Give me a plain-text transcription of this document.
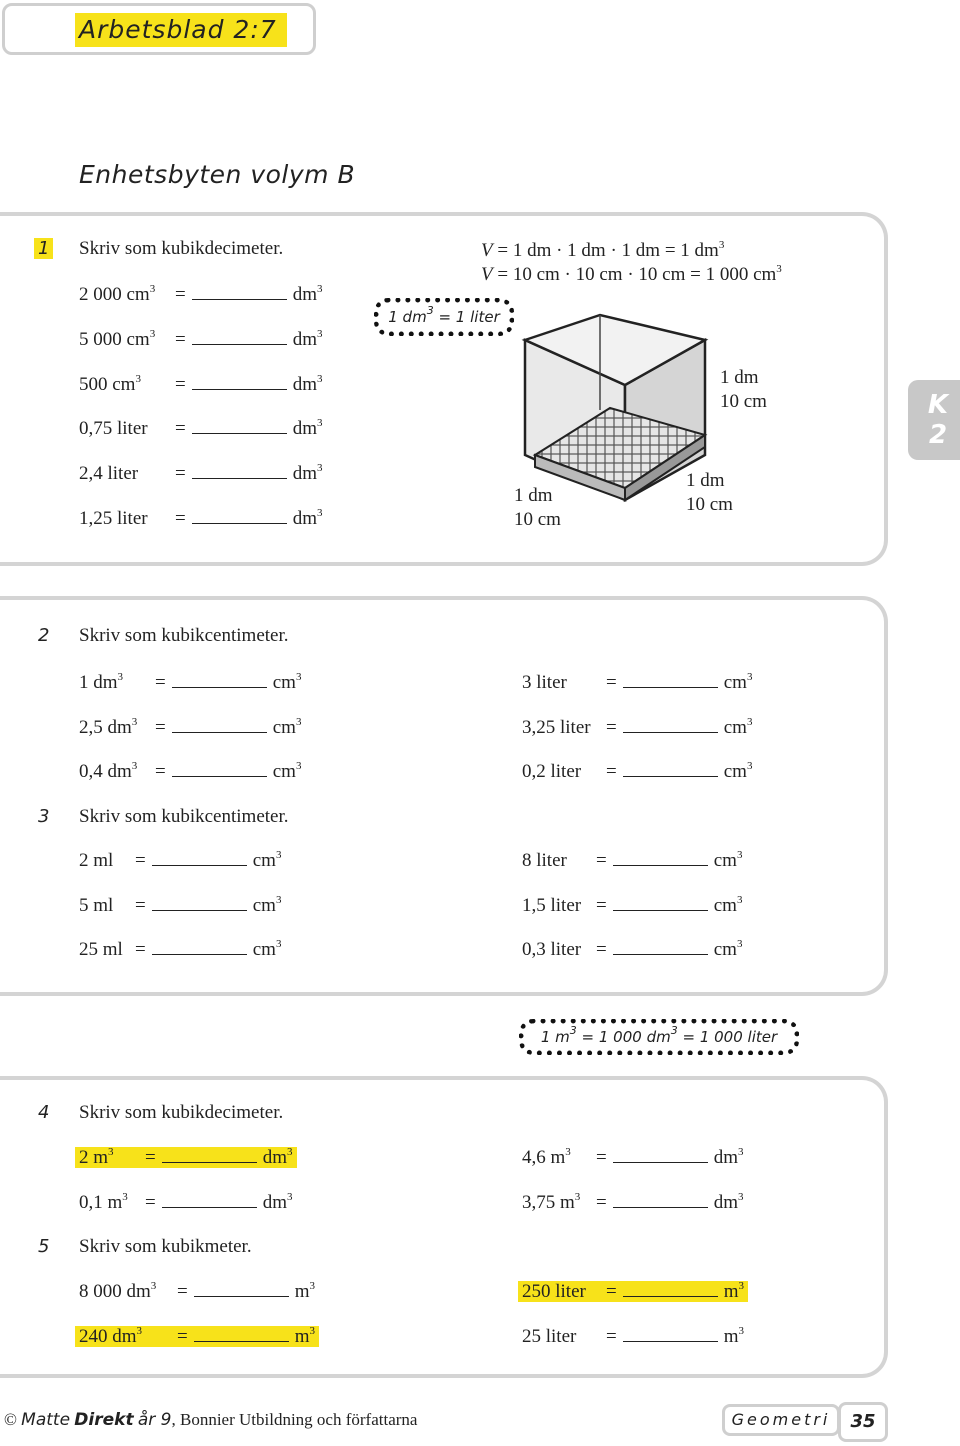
Arbetsblad 2:7
Enhetsbyten volym B
K
2
1 Skriv som kubikdecimeter.
2 000 $cm^3$ =	$dm^3$
5 000 $cm^3$ =	$dm^3$
500 $cm^3$ =	$dm^3$
0,75 liter =	$dm^3$
2,4 liter =	$dm^3$
1,25 liter =	$dm^3$
V = 1 dm · 1 dm · 1 dm = 1 $dm^3$
V = 10 cm · 10 cm · 10 cm = 1 000 $cm^3$
1 $dm^3 = 1$ liter
1 dm
10 cm
1 dm
10 cm
1 dm
10 cm
2 Skriv som kubikcentimeter.
1 $dm^3$ =	$cm^3$
2,5 $dm^3$ =	$cm^3$
0,4 $dm^3$ =	$cm^3$
3 liter =	$cm^3$
3,25 liter =	$cm^3$
0,2 liter =	$cm^3$
3 Skriv som kubikcentimeter.
2 ml =	$cm^3$
5 ml =	$cm^3$
25 ml =	$cm^3$
8 liter =	$cm^3$
1,5 liter =	$cm^3$
0,3 liter =	$cm^3$
1 $m^3 = 1$ 000 $dm^3 = 1$ 000 liter
4 Skriv som kubikdecimeter.
2 $m^3$ =	$dm^3$
0,1 $m^3$ =	$dm^3$
4,6 $m^3$ =	$dm^3$
3,75 $m^3$ =	$dm^3$
5 Skriv som kubikmeter.
8 000 $dm^3$ =	$m^3$
240 $dm^3$ =	$m^3$
250 liter =	$m^3$
25 liter =	$m^3$
© Matte Direkt år 9, Bonnier Utbildning och författarna	Geometri	35
